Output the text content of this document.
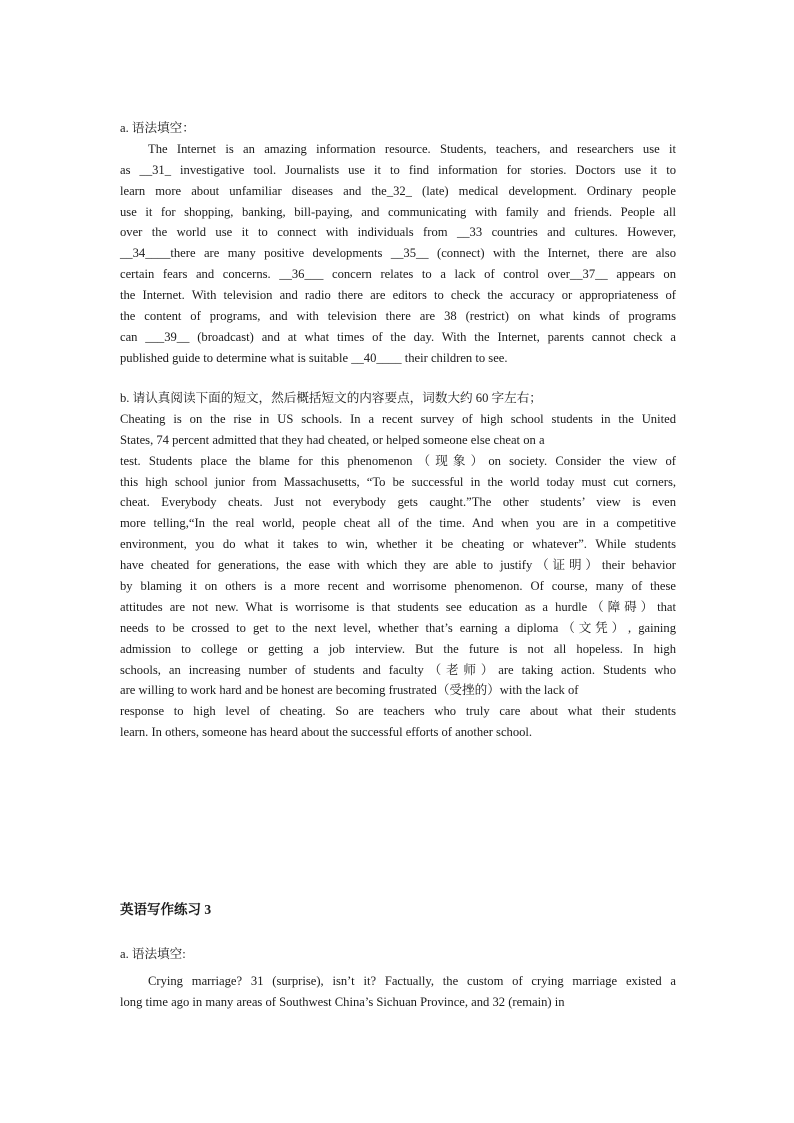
a. 语法填空：
The Internet is an amazing information resource. Students, teachers, and researchers use it
as __31_ investigative tool. Journalists use it to find information for stories. Doctors use it to
learn more about unfamiliar diseases and the_32_ (late) medical development. Ordinary people
use it for shopping, banking, bill-paying, and communicating with family and friends. People all
over the world use it to connect with individuals from __33 countries and cultures. However,
__34____there are many positive developments __35__ (connect) with the Internet, there are also
certain fears and concerns. __36___ concern relates to a lack of control over__37__ appears on
the Internet. With television and radio there are editors to check the accuracy or appropriateness of
the content of programs, and with television there are 38 (restrict) on what kinds of programs
can ___39__ (broadcast) and at what times of the day. With the Internet, parents cannot check a
published guide to determine what is suitable __40____ their children to see.
b. 请认真阅读下面的短文，然后概括短文的内容要点，词数大约 60 字左右；
Cheating is on the rise in US schools. In a recent survey of high school students in the United
States, 74 percent admitted that they had cheated, or helped someone else cheat on a
test. Students place the blame for this phenomenon（现象）on society. Consider the view of
this high school junior from Massachusetts, “To be successful in the world today must cut corners,
cheat. Everybody cheats. Just not everybody gets caught.”The other students’ view is even
more telling,“In the real world, people cheat all of the time. And when you are in a competitive
environment, you do what it takes to win, whether it be cheating or whatever”. While students
have cheated for generations, the ease with which they are able to justify（证明）their behavior
by blaming it on others is a more recent and worrisome phenomenon. Of course, many of these
attitudes are not new. What is worrisome is that students see education as a hurdle（障碍）that
needs to be crossed to get to the next level, whether that’s earning a diploma（文凭）, gaining
admission to college or getting a job interview. But the future is not all hopeless. In high
schools, an increasing number of students and faculty（老师）are taking action. Students who
are willing to work hard and be honest are becoming frustrated（受挫的）with the lack of
response to high level of cheating. So are teachers who truly care about what their students
learn. In others, someone has heard about the successful efforts of another school.
英语写作练习 3
a. 语法填空:
Crying marriage? 31 (surprise), isn’t it? Factually, the custom of crying marriage existed a
long time ago in many areas of Southwest China’s Sichuan Province, and 32 (remain) in
